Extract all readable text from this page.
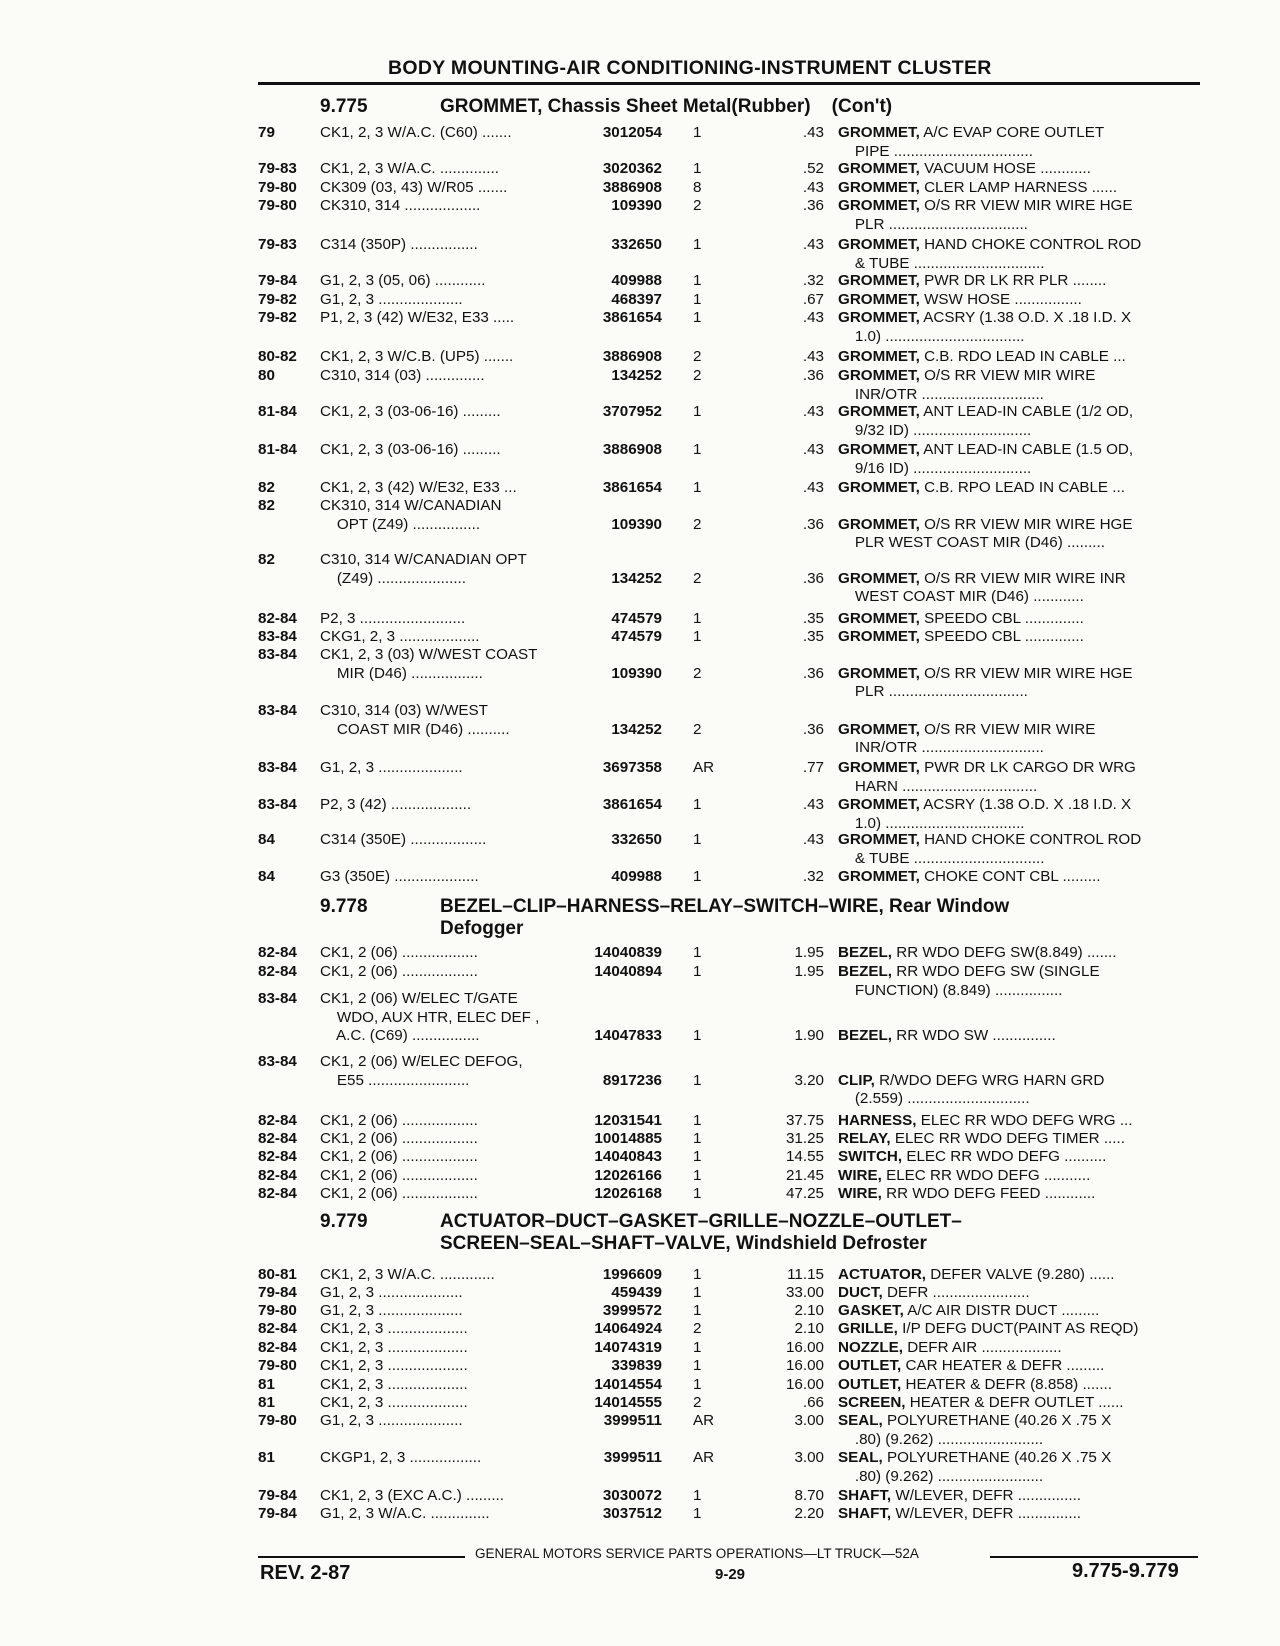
BODY MOUNTING-AIR CONDITIONING-INSTRUMENT CLUSTER
9.775	GROMMET, Chassis Sheet Metal(Rubber)    (Con't)
9.778	BEZEL–CLIP–HARNESS–RELAY–SWITCH–WIRE, Rear Window
Defogger
9.779	ACTUATOR–DUCT–GASKET–GRILLE–NOZZLE–OUTLET–
SCREEN–SEAL–SHAFT–VALVE, Windshield Defroster
79	CK1, 2, 3 W/A.C. (C60) .......	3012054 1	.43 GROMMET, A/C EVAP CORE OUTLET
PIPE .................................
79-83 CK1, 2, 3 W/A.C. ..............	3020362 1	.52 GROMMET, VACUUM HOSE ............
79-80 CK309 (03, 43) W/R05 .......	3886908 8	.43 GROMMET, CLER LAMP HARNESS ......
79-80 CK310, 314 ..................	109390 2	.36 GROMMET, O/S RR VIEW MIR WIRE HGE
PLR .................................
79-83 C314 (350P) ................	332650 1	.43 GROMMET, HAND CHOKE CONTROL ROD
& TUBE ...............................
79-84 G1, 2, 3 (05, 06) ............	409988 1	.32 GROMMET, PWR DR LK RR PLR ........
79-82 G1, 2, 3 ....................	468397 1	.67 GROMMET, WSW HOSE ................
79-82 P1, 2, 3 (42) W/E32, E33 .....	3861654 1	.43 GROMMET, ACSRY (1.38 O.D. X .18 I.D. X
1.0) .................................
80-82 CK1, 2, 3 W/C.B. (UP5) .......	3886908 2	.43 GROMMET, C.B. RDO LEAD IN CABLE ...
80	C310, 314 (03) ..............	134252 2	.36 GROMMET, O/S RR VIEW MIR WIRE
INR/OTR .............................
81-84 CK1, 2, 3 (03-06-16) .........	3707952 1	.43 GROMMET, ANT LEAD-IN CABLE (1/2 OD,
9/32 ID) ............................
81-84 CK1, 2, 3 (03-06-16) .........	3886908 1	.43 GROMMET, ANT LEAD-IN CABLE (1.5 OD,
9/16 ID) ............................
82	CK1, 2, 3 (42) W/E32, E33 ...	3861654 1	.43 GROMMET, C.B. RPO LEAD IN CABLE ...
82	CK310, 314 W/CANADIAN
OPT (Z49) ................	109390 2	.36 GROMMET, O/S RR VIEW MIR WIRE HGE
PLR WEST COAST MIR (D46) .........
82	C310, 314 W/CANADIAN OPT
(Z49) .....................	134252 2	.36 GROMMET, O/S RR VIEW MIR WIRE INR
WEST COAST MIR (D46) ............
82-84 P2, 3 .........................	474579 1	.35 GROMMET, SPEEDO CBL ..............
83-84 CKG1, 2, 3 ...................	474579 1	.35 GROMMET, SPEEDO CBL ..............
83-84 CK1, 2, 3 (03) W/WEST COAST
MIR (D46) .................	109390 2	.36 GROMMET, O/S RR VIEW MIR WIRE HGE
PLR .................................
83-84 C310, 314 (03) W/WEST
COAST MIR (D46) ..........	134252 2	.36 GROMMET, O/S RR VIEW MIR WIRE
INR/OTR .............................
83-84 G1, 2, 3 ....................	3697358 AR	.77 GROMMET, PWR DR LK CARGO DR WRG
HARN ................................
83-84 P2, 3 (42) ...................	3861654 1	.43 GROMMET, ACSRY (1.38 O.D. X .18 I.D. X
1.0) .................................
84	C314 (350E) ..................	332650 1	.43 GROMMET, HAND CHOKE CONTROL ROD
& TUBE ...............................
84	G3 (350E) ....................	409988 1	.32 GROMMET, CHOKE CONT CBL .........
82-84 CK1, 2 (06) ..................	14040839 1	1.95 BEZEL, RR WDO DEFG SW(8.849) .......
82-84 CK1, 2 (06) ..................	14040894 1	1.95 BEZEL, RR WDO DEFG SW (SINGLE
FUNCTION) (8.849) ................
83-84 CK1, 2 (06) W/ELEC T/GATE
WDO, AUX HTR, ELEC DEF ,
A.C. (C69) ................	14047833 1	1.90 BEZEL, RR WDO SW ...............
83-84 CK1, 2 (06) W/ELEC DEFOG,
E55 ........................	8917236 1	3.20 CLIP, R/WDO DEFG WRG HARN GRD
(2.559) .............................
82-84 CK1, 2 (06) ..................	12031541 1	37.75 HARNESS, ELEC RR WDO DEFG WRG ...
82-84 CK1, 2 (06) ..................	10014885 1	31.25 RELAY, ELEC RR WDO DEFG TIMER .....
82-84 CK1, 2 (06) ..................	14040843 1	14.55 SWITCH, ELEC RR WDO DEFG ..........
82-84 CK1, 2 (06) ..................	12026166 1	21.45 WIRE, ELEC RR WDO DEFG ...........
82-84 CK1, 2 (06) ..................	12026168 1	47.25 WIRE, RR WDO DEFG FEED ............
80-81 CK1, 2, 3 W/A.C. .............	1996609 1	11.15 ACTUATOR, DEFER VALVE (9.280) ......
79-84 G1, 2, 3 ....................	459439 1	33.00 DUCT, DEFR .......................
79-80 G1, 2, 3 ....................	3999572 1	2.10 GASKET, A/C AIR DISTR DUCT .........
82-84 CK1, 2, 3 ...................	14064924 2	2.10 GRILLE, I/P DEFG DUCT(PAINT AS REQD)
82-84 CK1, 2, 3 ...................	14074319 1	16.00 NOZZLE, DEFR AIR ...................
79-80 CK1, 2, 3 ...................	339839 1	16.00 OUTLET, CAR HEATER & DEFR .........
81	CK1, 2, 3 ...................	14014554 1	16.00 OUTLET, HEATER & DEFR (8.858) .......
81	CK1, 2, 3 ...................	14014555 2	.66 SCREEN, HEATER & DEFR OUTLET ......
79-80 G1, 2, 3 ....................	3999511 AR	3.00 SEAL, POLYURETHANE (40.26 X .75 X
.80) (9.262) .........................
81	CKGP1, 2, 3 .................	3999511 AR	3.00 SEAL, POLYURETHANE (40.26 X .75 X
.80) (9.262) .........................
79-84 CK1, 2, 3 (EXC A.C.) .........	3030072 1	8.70 SHAFT, W/LEVER, DEFR ...............
79-84 G1, 2, 3 W/A.C. ..............	3037512 1	2.20 SHAFT, W/LEVER, DEFR ...............
GENERAL MOTORS SERVICE PARTS OPERATIONS—LT TRUCK—52A
REV. 2-87	9-29	9.775-9.779
